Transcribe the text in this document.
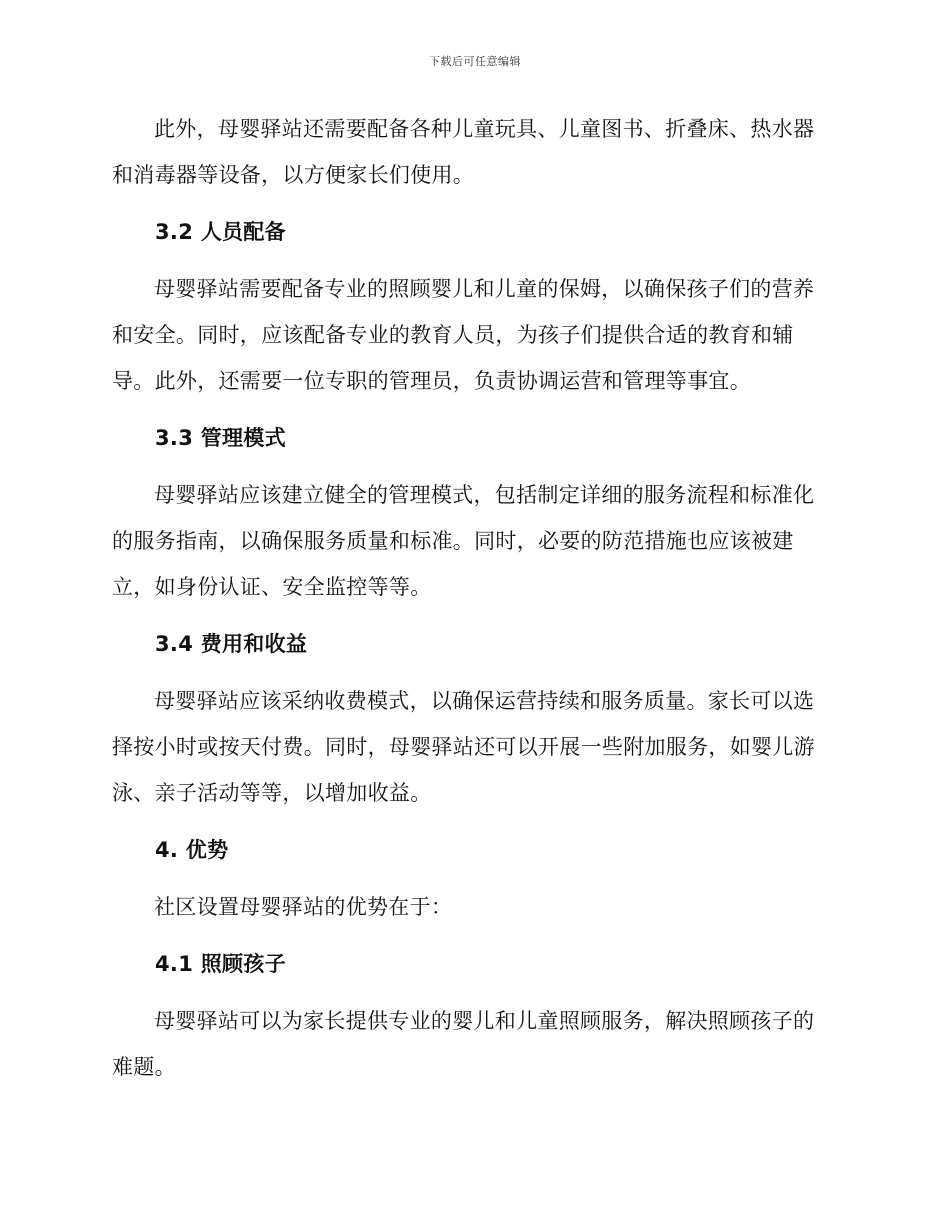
下载后可任意编辑

此外，母婴驿站还需要配备各种儿童玩具、儿童图书、折叠床、热水器和消毒器等设备，以方便家长们使用。

3.2 人员配备

母婴驿站需要配备专业的照顾婴儿和儿童的保姆，以确保孩子们的营养和安全。同时，应该配备专业的教育人员，为孩子们提供合适的教育和辅导。此外，还需要一位专职的管理员，负责协调运营和管理等事宜。

3.3 管理模式

母婴驿站应该建立健全的管理模式，包括制定详细的服务流程和标准化的服务指南，以确保服务质量和标准。同时，必要的防范措施也应该被建立，如身份认证、安全监控等等。

3.4 费用和收益

母婴驿站应该采纳收费模式，以确保运营持续和服务质量。家长可以选择按小时或按天付费。同时，母婴驿站还可以开展一些附加服务，如婴儿游泳、亲子活动等等，以增加收益。

4. 优势

社区设置母婴驿站的优势在于：

4.1 照顾孩子

母婴驿站可以为家长提供专业的婴儿和儿童照顾服务，解决照顾孩子的难题。
